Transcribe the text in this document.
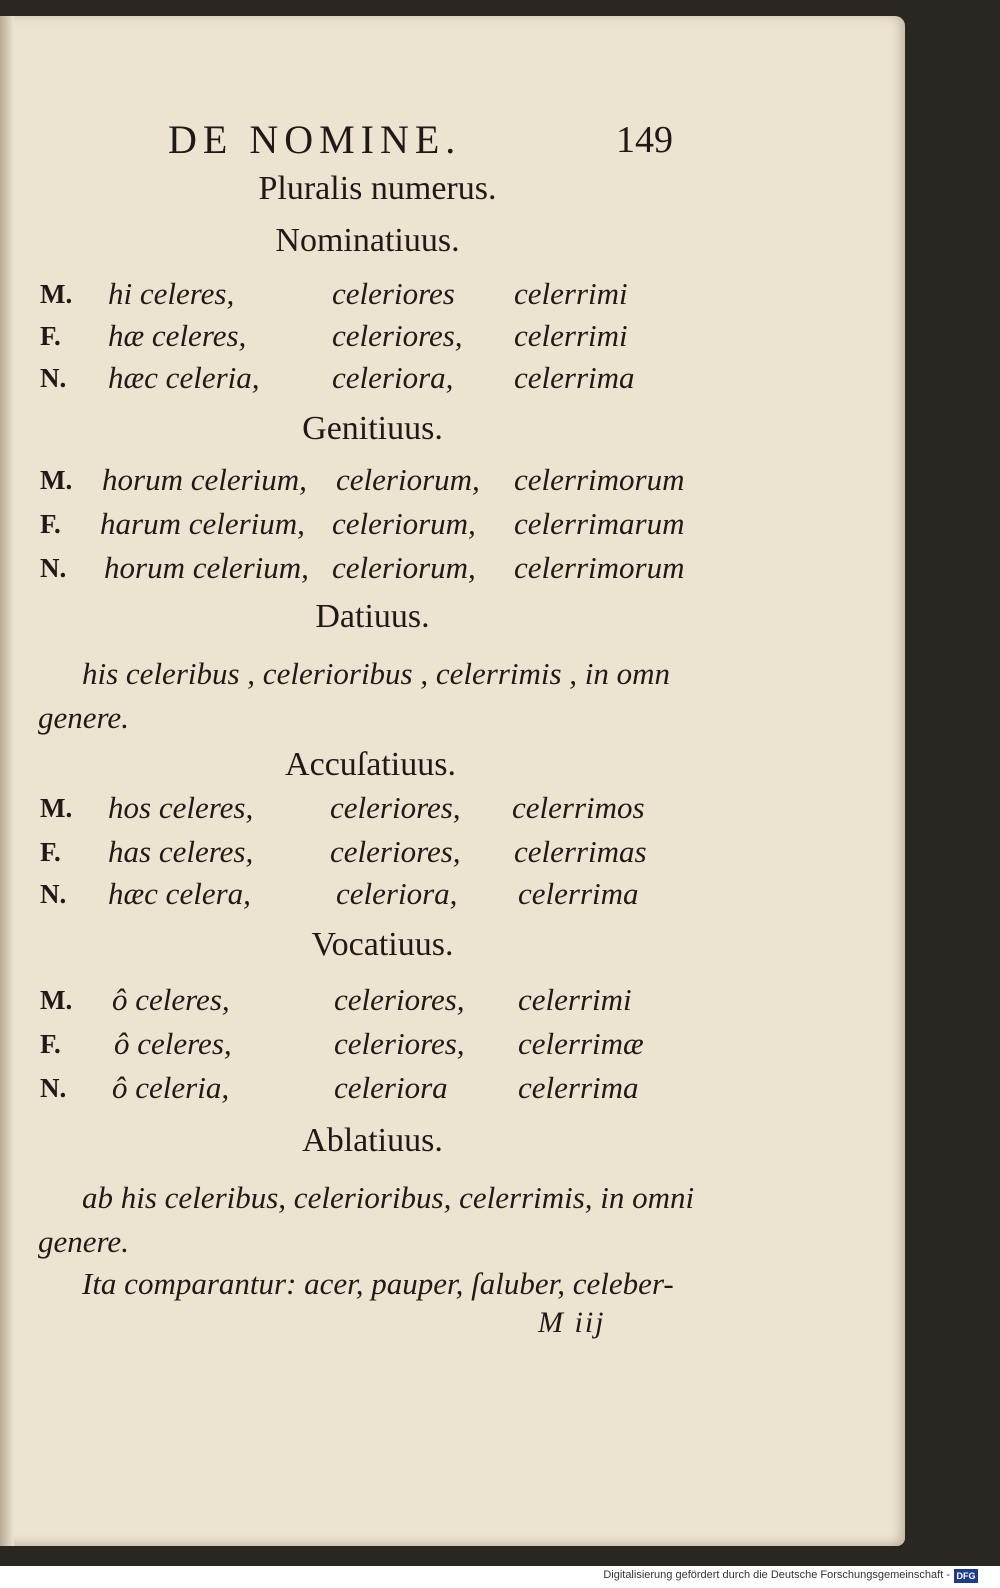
DE NOMINE.	149
Pluralis numerus.
Nominatiuus.
M. hi celeres,	celeriores celerrimi
F. hæ celeres,	celeriores, celerrimi
N. hæc celeria, celeriora, celerrima
Genitiuus.
M. horum celerium, celeriorum, celerrimorum
F. harum celerium, celeriorum, celerrimarum
N. horum celerium, celeriorum, celerrimorum
Datiuus.
his celeribus , celerioribus , celerrimis , in omn
genere.
Accuſatiuus.
M. hos celeres, celeriores, celerrimos
F. has celeres, celeriores, celerrimas
N. hæc celera,	celeriora, celerrima
Vocatiuus.
M. ô celeres,	celeriores, celerrimi
F. ô celeres,	celeriores, celerrimæ
N. ô celeria,	celeriora celerrima
Ablatiuus.
ab his celeribus, celerioribus, celerrimis, in omni
genere.
Ita comparantur: acer, pauper, ſaluber, celeber-
M iij
Digitalisierung gefördert durch die Deutsche Forschungsgemeinschaft - DFG
